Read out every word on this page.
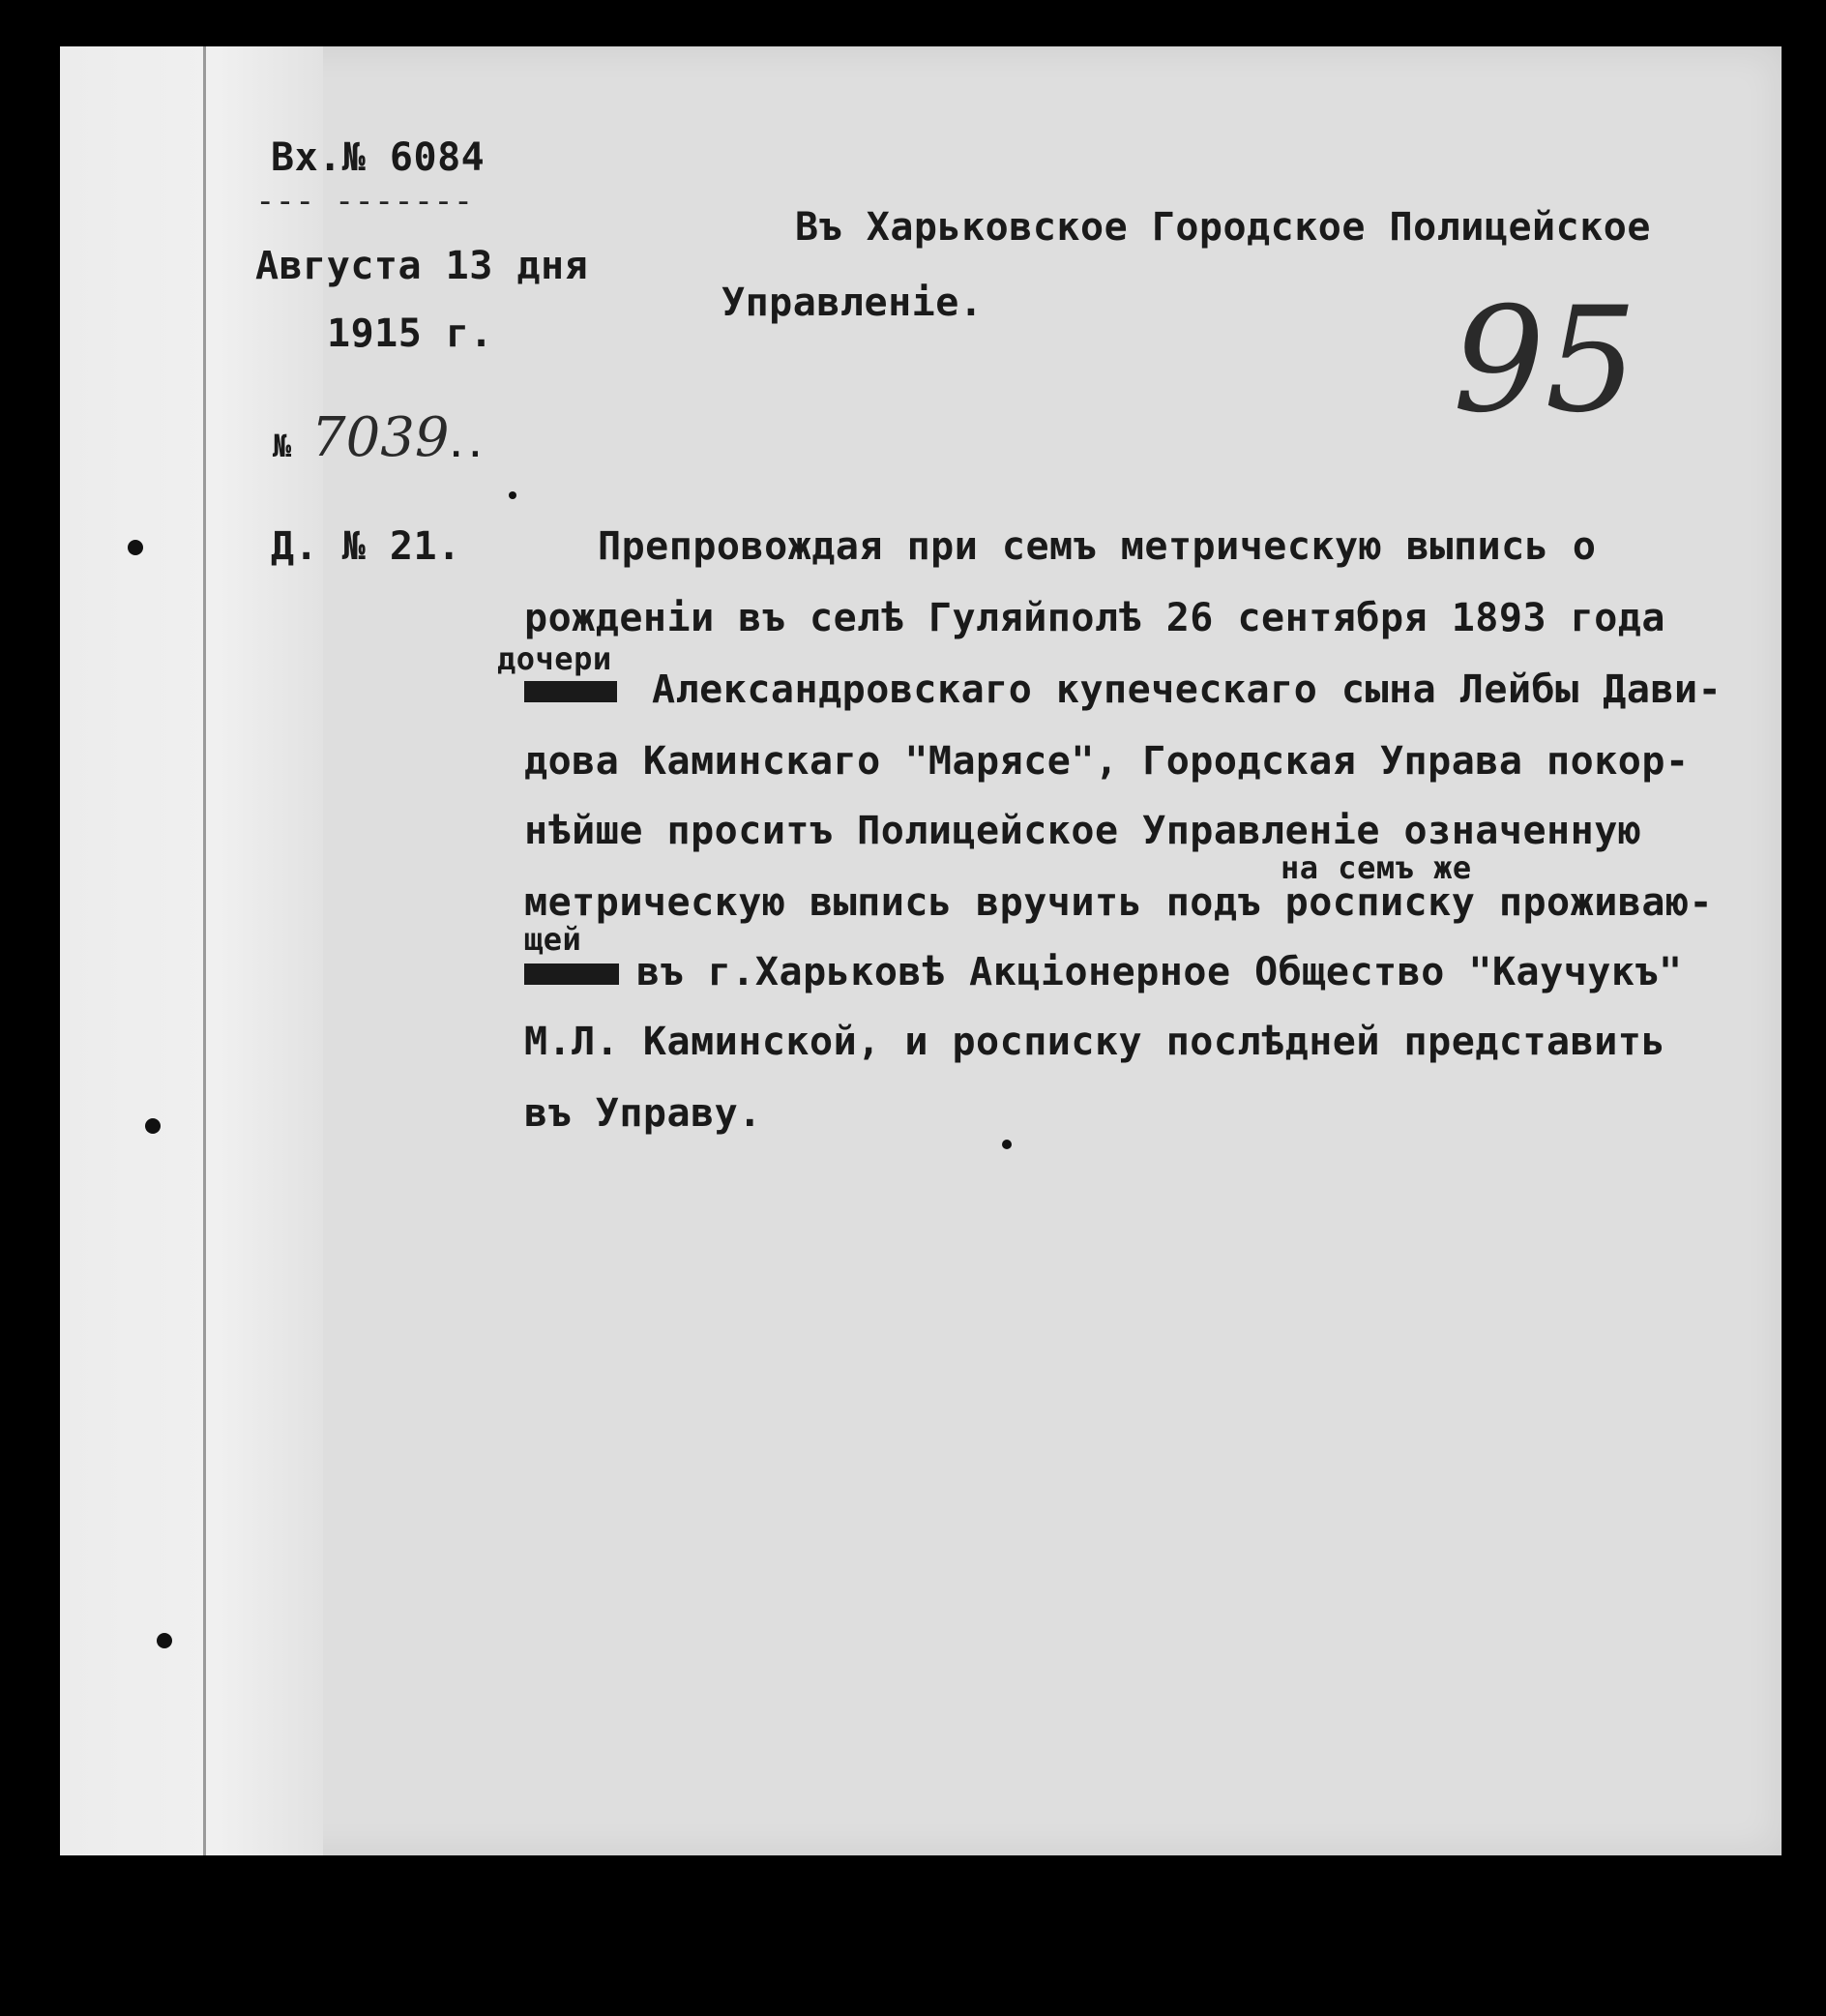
Вх.№ 6084
--- -------
Августа 13 дня
1915 г.
№ 7039
..
Д. № 21.
Въ Харьковское Городское Полицейское
Управленіе.	95
Препровождая при семъ метрическую выпись о
рожденіи въ селѣ Гуляйполѣ 26 сентября 1893 года
дочери
Александровскаго купеческаго сына Лейбы Дави-
дова Каминскаго "Марясе", Городская Управа покор-
нѣйше проситъ Полицейское Управленіе означенную
на семъ же
метрическую выпись вручить подъ росписку проживаю-
щей
въ г.Харьковѣ Акціонерное Общество "Каучукъ"
М.Л. Каминской, и росписку послѣдней представить
въ Управу.
